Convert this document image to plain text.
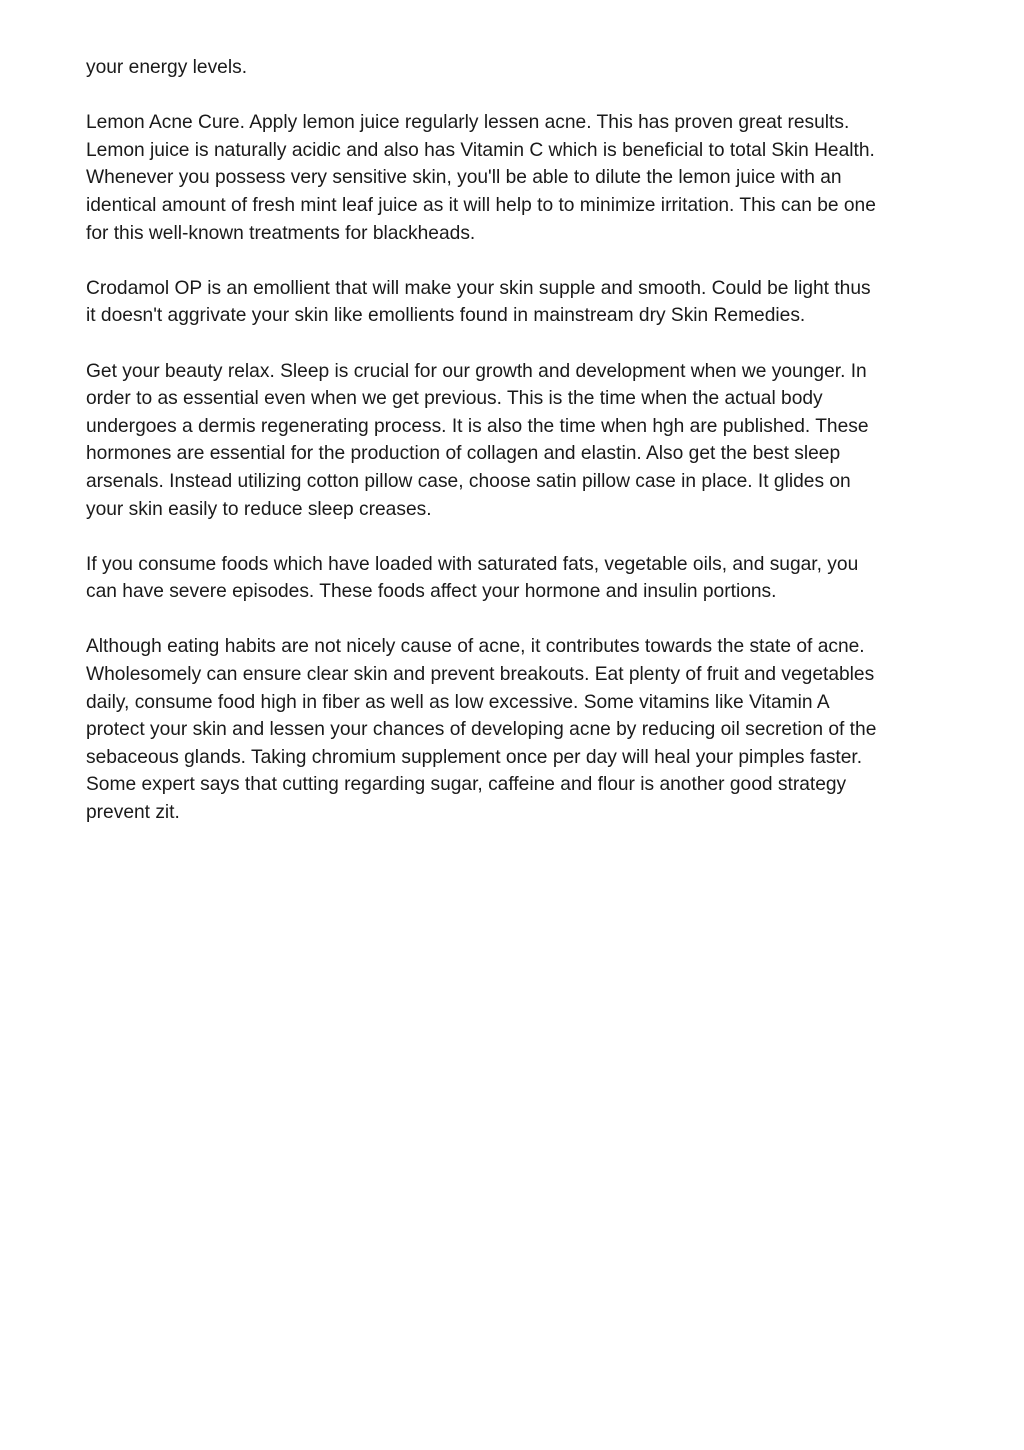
your energy levels.

Lemon Acne Cure. Apply lemon juice regularly lessen acne. This has proven great results.
Lemon juice is naturally acidic and also has Vitamin C which is beneficial to total Skin Health.
Whenever you possess very sensitive skin, you'll be able to dilute the lemon juice with an
identical amount of fresh mint leaf juice as it will help to to minimize irritation. This can be one
for this well-known treatments for blackheads.

Crodamol OP is an emollient that will make your skin supple and smooth. Could be light thus
it doesn't aggrivate your skin like emollients found in mainstream dry Skin Remedies.

Get your beauty relax. Sleep is crucial for our growth and development when we younger. In
order to as essential even when we get previous. This is the time when the actual body
undergoes a dermis regenerating process. It is also the time when hgh are published. These
hormones are essential for the production of collagen and elastin. Also get the best sleep
arsenals. Instead utilizing cotton pillow case, choose satin pillow case in place. It glides on
your skin easily to reduce sleep creases.

If you consume foods which have loaded with saturated fats, vegetable oils, and sugar, you
can have severe episodes. These foods affect your hormone and insulin portions.

Although eating habits are not nicely cause of acne, it contributes towards the state of acne.
Wholesomely can ensure clear skin and prevent breakouts. Eat plenty of fruit and vegetables
daily, consume food high in fiber as well as low excessive. Some vitamins like Vitamin A
protect your skin and lessen your chances of developing acne by reducing oil secretion of the
sebaceous glands. Taking chromium supplement once per day will heal your pimples faster.
Some expert says that cutting regarding sugar, caffeine and flour is another good strategy
prevent zit.
